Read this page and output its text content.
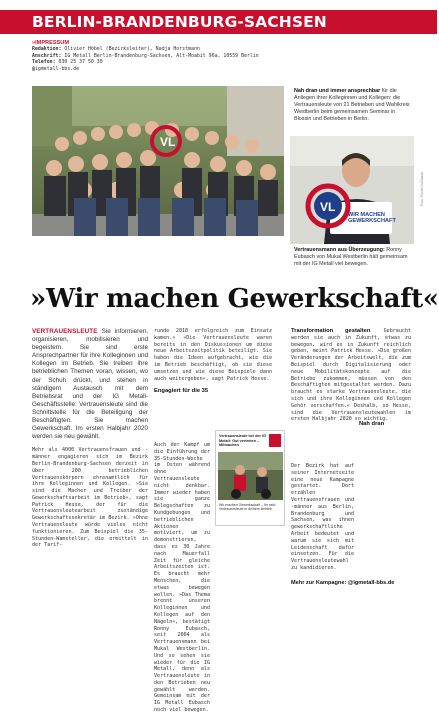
BERLIN-BRANDENBURG-SACHSEN
»IMPRESSUM
Redaktion: Olivier Höbel (Bezirksleiter), Nadja Horstmann
Anschrift: IG Metall Berlin-Brandenburg-Sachsen, Alt-Moabit 96a, 10559 Berlin
Telefon: 030 25 37 50 30
@igmetall-bbs.de
VL
Nah dran und immer ansprechbar für die Anliegen ihrer Kolleginnen und Kollegen: die Vertrauensleute von 21 Betrieben und Wahlkreis Westberlin beim gemeinsamen Seminar in Blossin und Betrieben in Berlin.
VL
WIR MACHEN
GEWERKSCHAFT
Foto: Tobias Nußbaum
Vertrauensmann aus Überzeugung: Ronny Eubasch von Mukal Westberlin hält gemeinsam mit der IG Metall viel bewegen.
»Wir machen Gewerkschaft«
VERTRAUENSLEUTE Sie informieren, organisieren, mobilisieren und begeistern. Sie sind erste Ansprechpartner für ihre Kolleginnen und Kollegen im Betrieb. Sie treiben ihre betrieblichen Themen voran, wissen, wo der Schuh drückt, und stehen in ständigem Austausch mit dem Betriebsrat und der IG Metall-Geschäftsstelle: Vertrauensleute sind die Schnittstelle für die Beteiligung der Beschäftigten. Sie machen Gewerkschaft. Im ersten Halbjahr 2020 werden sie neu gewählt.
Mehr als 4000 Vertrauensfrauen und -männer engagieren sich im Bezirk Berlin-Brandenburg-Sachsen derzeit in über 200 betrieblichen Vertrauenskörpern ehrenamtlich für ihre Kolleginnen und Kollegen. »Sie sind die Macher und Treiber der Gewerkschaftsarbeit im Betrieb«, sagt Patrick Hesse, der für die Vertrauensleutearbeit zuständige Gewerkschaftssekretär im Bezirk. »Ohne Vertrauensleute würde vieles nicht funktionieren. Zum Beispiel die 35-Stunden-Wamsteller, die ermittelt in der Tarif-
runde 2018 erfolgreich zum Einsatz kamen.« »Die Vertrauensleute waren bereits in den Diskussionen um diese neue Arbeitszeitpolitik beteiligt. Sie haben die Ideen aufgebracht, wie die im Betrieb beschäftigt, ob sie diese umsetzen und wie diese Beispiele dann auch weitergeben«, sagt Patrick Hesse.
Engagiert für die 35
Auch der Kampf um die Einführung der 35-Stunden-Woche im Osten während ohne Vertrauensleute nicht denkbar. Immer wieder haben sie ganze Belegschaften zu Kundgebungen und betrieblichen Aktionen motiviert, um zu demonstrieren, dass es 30 Jahre nach Mauerfall Zeit für gleiche Arbeitszeiten ist. Es braucht mehr Menschen, die etwas bewegen wollen. »Das Thema brennt unseren Kolleginnen und Kollegen auf den Nägeln«, bestätigt Ronny Eubasch, seit 2004 als Vertrauensmann bei Mukal Westberlin. Und so sehen sie wieder für die IG Metall, denn als Vertrauensleute in den Betrieben neu gewählt werden. Gemeinsam mit der IG Metall Eubasch noch viel bewegen.
Vertrauensleute bei der IG Metall: Gut vertreten – Mitmachen
Wir machen Gewerkschaft – Ihr seid Vertrauensleute in deinem Betrieb
Transformation gestalten	Gebraucht werden sie auch in Zukunft, etwas zu bewegen, wird es in Zukunft reichlich geben, meint Patrick Hesse. »Die großen Veränderungen der Arbeitswelt, die zum Beispiel durch Digitalisierung oder neue Mobilitätskonzepte auf die Betriebe zukommen, müssen von den Beschäftigten mitgestaltet werden. Dazu braucht es starke Vertrauensleute, die sich und ihre Kolleginnen und Kollegen Gehör verschaffen.« Deshalb, so Hesse, sind die Vertrauensleutewahlen im ersten Halbjahr 2020 so wichtig.
Nah dran
Der Bezirk hat auf seiner Internetseite eine neue Kampagne gestartet. Dort erzählen Vertrauensfrauen und -männer aus Berlin, Brandenburg und Sachsen, was ihnen gewerkschaftliche Arbeit bedeutet und warum sie sich mit Leidenschaft dafür einsetzen. Für die Vertrauensleutewahl zu kandidieren.
Mehr zur Kampagne: @igmetall-bbs.de
